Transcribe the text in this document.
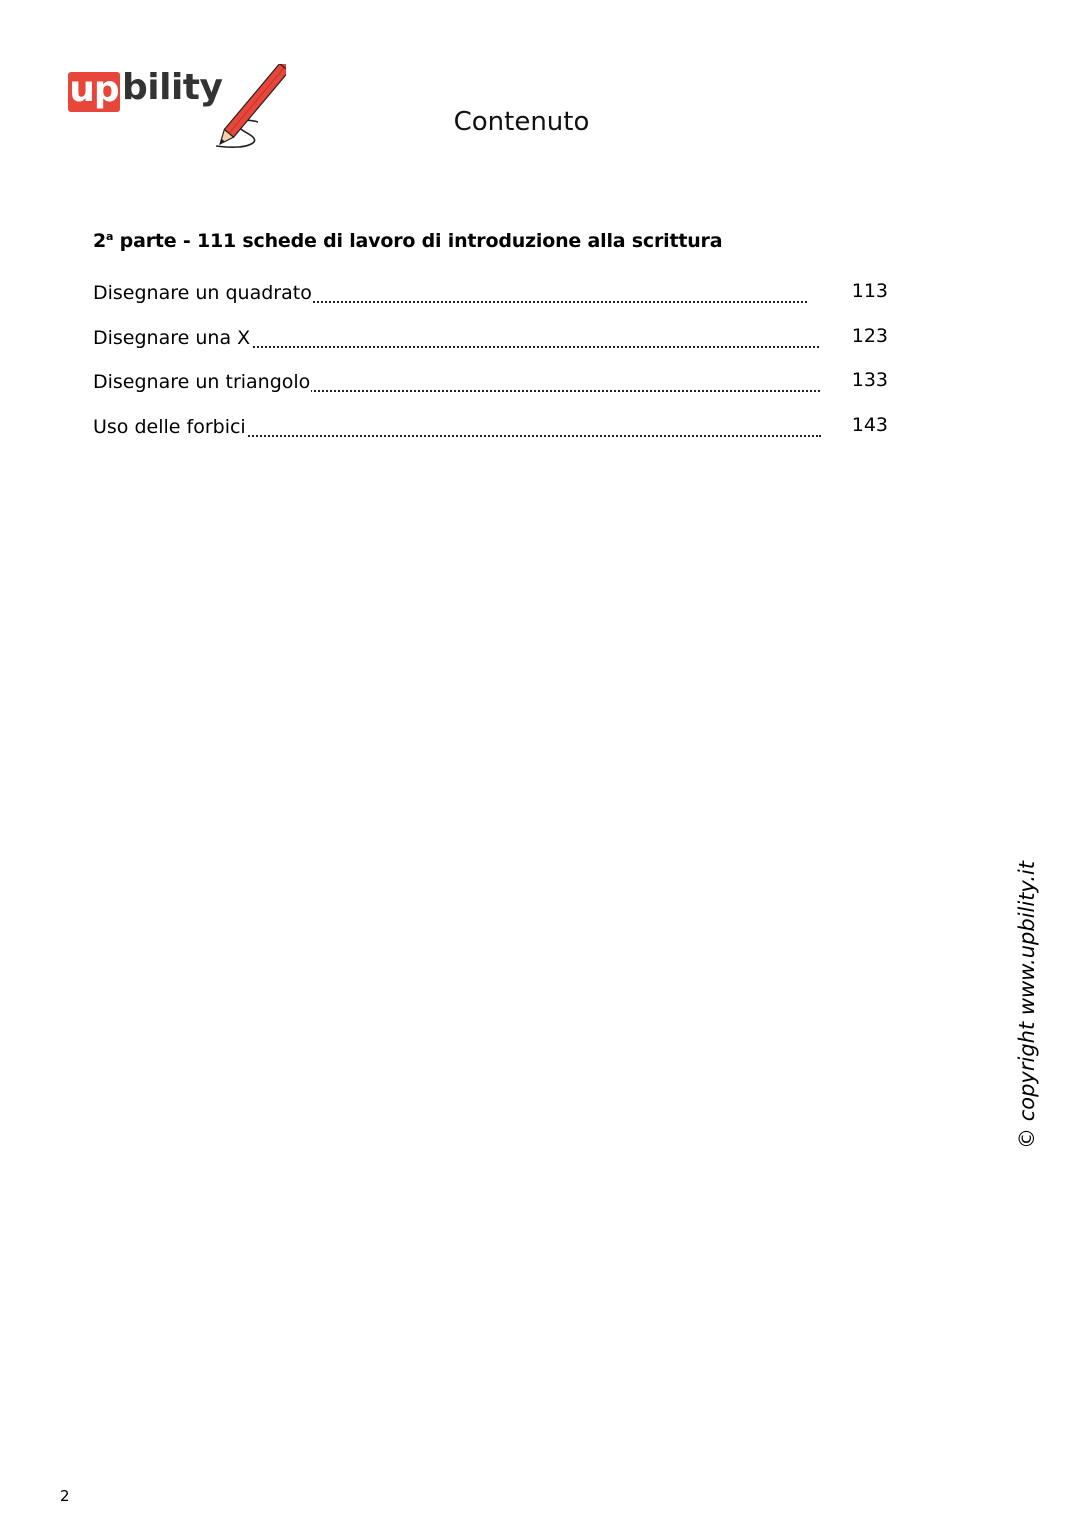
up bility
Contenuto
2$^a$ parte - 111 schede di lavoro di introduzione alla scrittura
Disegnare un quadrato	113
Disegnare una X	123
Disegnare un triangolo	133
Uso delle forbici	143
© copyright www.upbility.it
2
